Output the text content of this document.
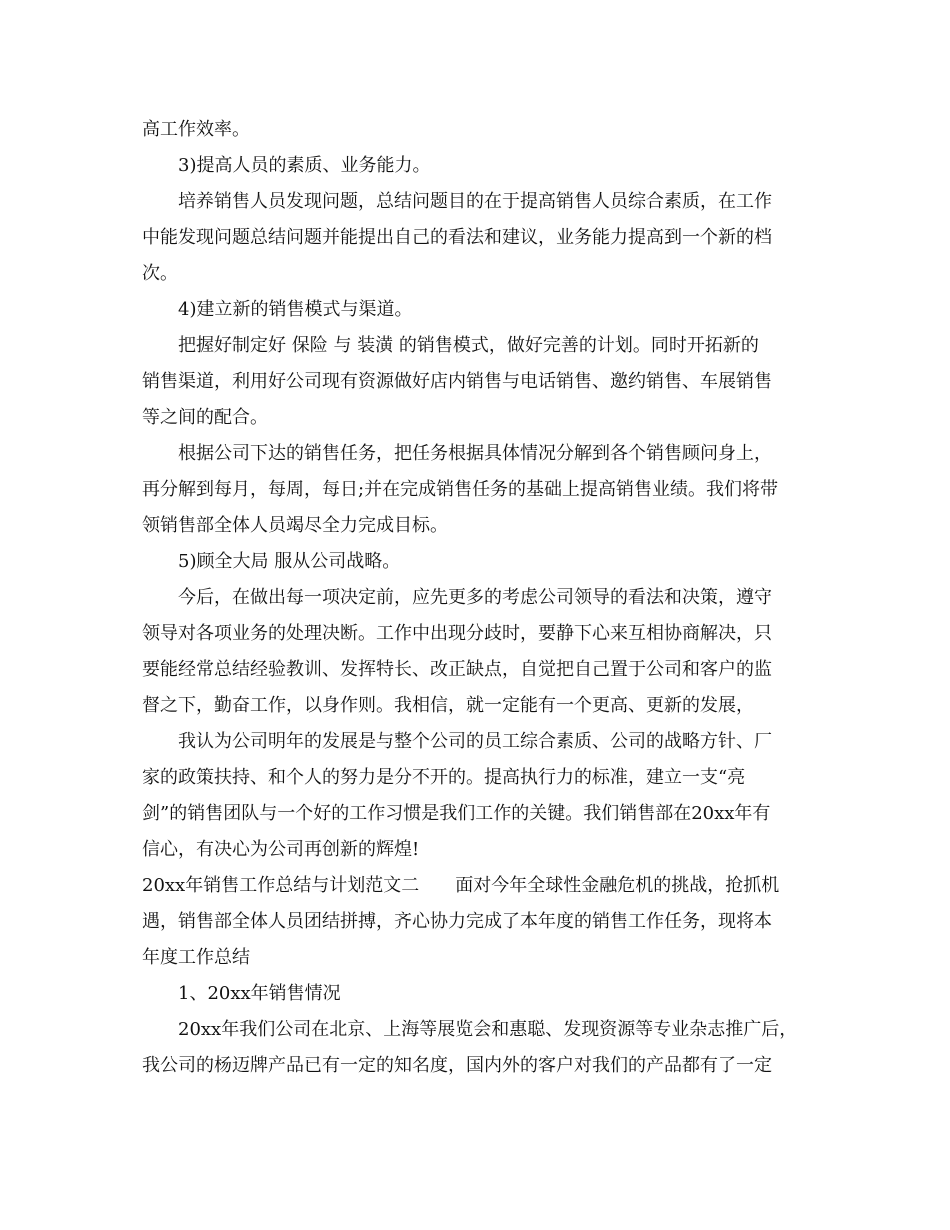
高工作效率。
3)提高人员的素质、业务能力。
培养销售人员发现问题，总结问题目的在于提高销售人员综合素质，在工作
中能发现问题总结问题并能提出自己的看法和建议，业务能力提高到一个新的档
次。
4)建立新的销售模式与渠道。
把握好制定好 保险 与 装潢 的销售模式，做好完善的计划。同时开拓新的
销售渠道，利用好公司现有资源做好店内销售与电话销售、邀约销售、车展销售
等之间的配合。
根据公司下达的销售任务，把任务根据具体情况分解到各个销售顾问身上，
再分解到每月，每周，每日;并在完成销售任务的基础上提高销售业绩。我们将带
领销售部全体人员竭尽全力完成目标。
5)顾全大局 服从公司战略。
今后，在做出每一项决定前，应先更多的考虑公司领导的看法和决策，遵守
领导对各项业务的处理决断。工作中出现分歧时，要静下心来互相协商解决，只
要能经常总结经验教训、发挥特长、改正缺点，自觉把自己置于公司和客户的监
督之下，勤奋工作，以身作则。我相信，就一定能有一个更高、更新的发展，
我认为公司明年的发展是与整个公司的员工综合素质、公司的战略方针、厂
家的政策扶持、和个人的努力是分不开的。提高执行力的标准，建立一支“亮
剑”的销售团队与一个好的工作习惯是我们工作的关键。我们销售部在20xx年有
信心，有决心为公司再创新的辉煌!
20xx年销售工作总结与计划范文二　　面对今年全球性金融危机的挑战，抢抓机
遇，销售部全体人员团结拼搏，齐心协力完成了本年度的销售工作任务，现将本
年度工作总结
1、20xx年销售情况
20xx年我们公司在北京、上海等展览会和惠聪、发现资源等专业杂志推广后，
我公司的杨迈牌产品已有一定的知名度，国内外的客户对我们的产品都有了一定
